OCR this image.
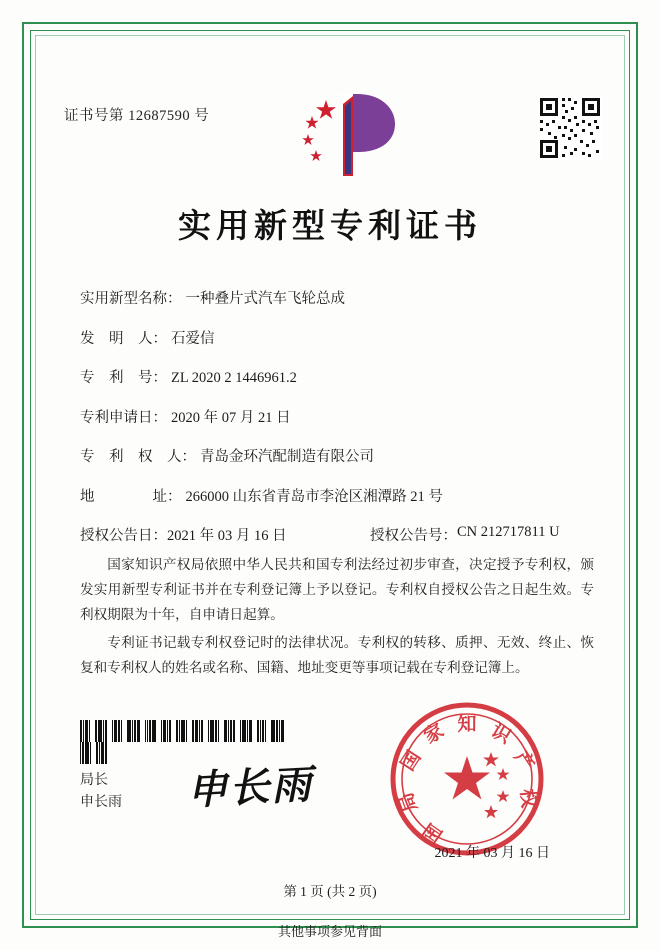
证书号第 12687590 号
实用新型专利证书
实用新型名称： 一种叠片式汽车飞轮总成
发　明　人： 石爱信
专　利　号： ZL 2020 2 1446961.2
专利申请日： 2020 年 07 月 21 日
专　利　权　人： 青岛金环汽配制造有限公司
地　　　　址： 266000 山东省青岛市李沧区湘潭路 21 号
授权公告日： 2021 年 03 月 16 日	授权公告号： CN 212717811 U

国家知识产权局依照中华人民共和国专利法经过初步审查，决定授予专利权，颁发实用新型专利证书并在专利登记簿上予以登记。专利权自授权公告之日起生效。专利权期限为十年，自申请日起算。

专利证书记载专利权登记时的法律状况。专利权的转移、质押、无效、终止、恢复和专利权人的姓名或名称、国籍、地址变更等事项记载在专利登记簿上。

局长
申长雨 申长雨
知
家
国
局
国
识
产
权
2021 年 03 月 16 日
第 1 页 (共 2 页)
其他事项参见背面
